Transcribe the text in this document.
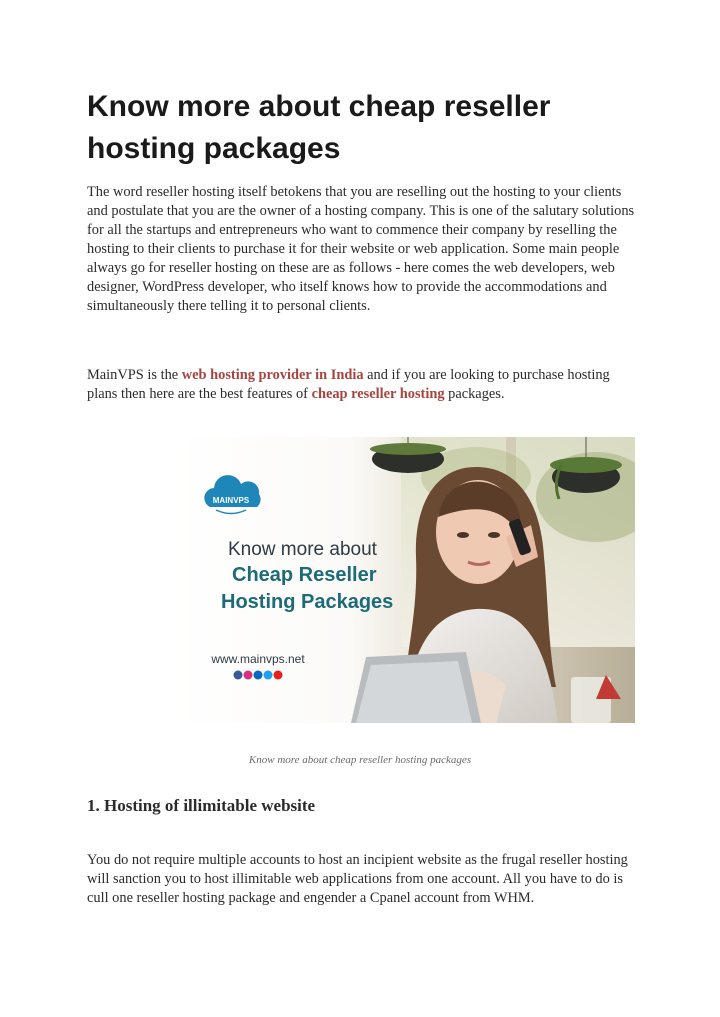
Know more about cheap reseller
hosting packages

The word reseller hosting itself betokens that you are reselling out the hosting to your clients and postulate that you are the owner of a hosting company. This is one of the salutary solutions for all the startups and entrepreneurs who want to commence their company by reselling the hosting to their clients to purchase it for their website or web application. Some main people always go for reseller hosting on these are as follows - here comes the web developers, web designer, WordPress developer, who itself knows how to provide the accommodations and simultaneously there telling it to personal clients.

MainVPS is the web hosting provider in India and if you are looking to purchase hosting plans then here are the best features of cheap reseller hosting packages.

MAINVPS
Know more about
Cheap Reseller
Hosting Packages
www.mainvps.net

Know more about cheap reseller hosting packages

1. Hosting of illimitable website

You do not require multiple accounts to host an incipient website as the frugal reseller hosting will sanction you to host illimitable web applications from one account. All you have to do is cull one reseller hosting package and engender a Cpanel account from WHM.
